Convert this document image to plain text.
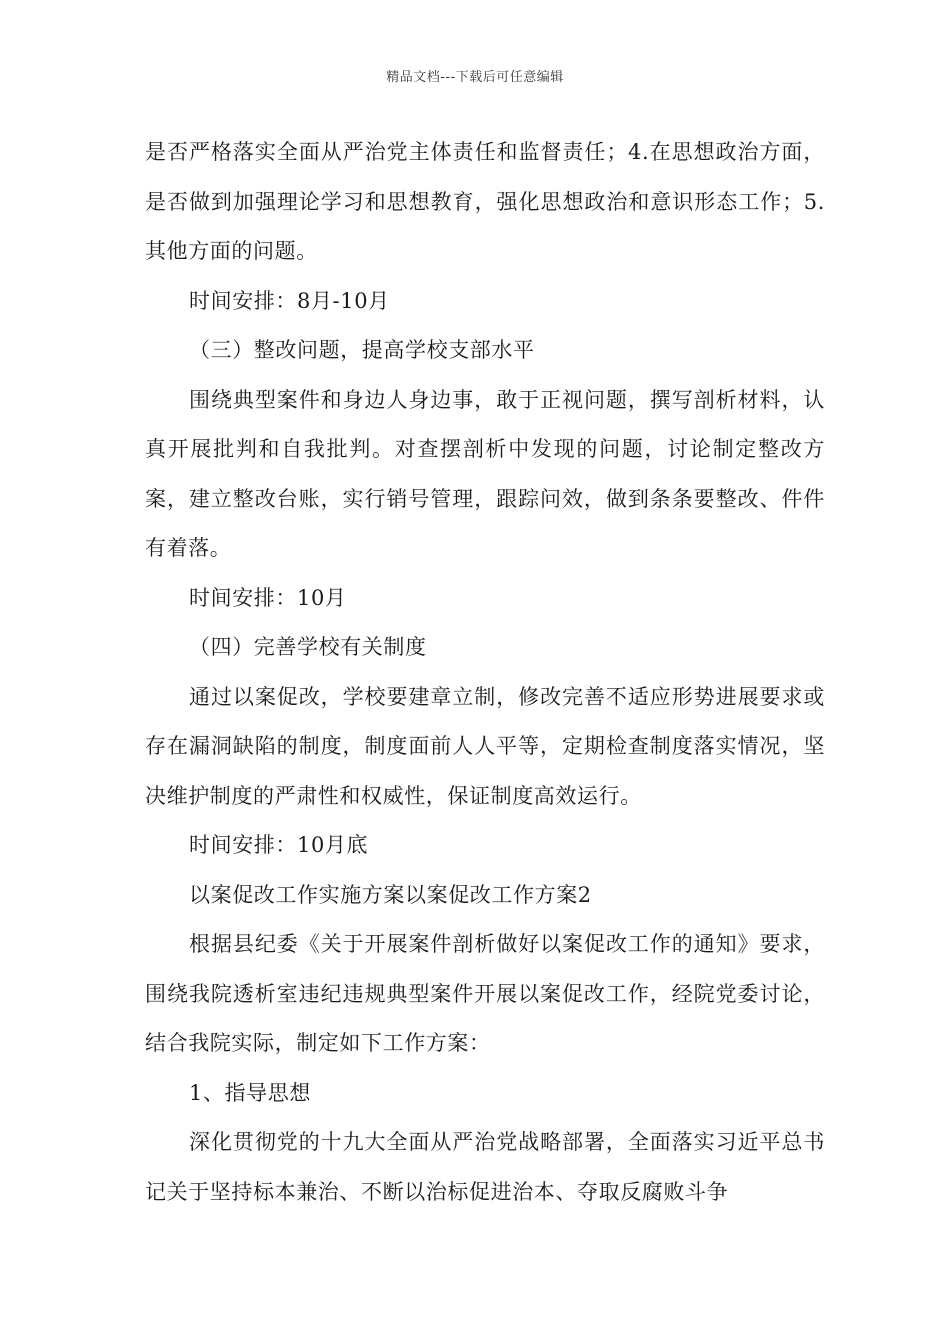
精品文档---下载后可任意编辑

是否严格落实全面从严治党主体责任和监督责任；4.在思想政治方面，是否做到加强理论学习和思想教育，强化思想政治和意识形态工作；5.其他方面的问题。

时间安排：8月-10月

（三）整改问题，提高学校支部水平

围绕典型案件和身边人身边事，敢于正视问题，撰写剖析材料，认真开展批判和自我批判。对查摆剖析中发现的问题，讨论制定整改方案，建立整改台账，实行销号管理，跟踪问效，做到条条要整改、件件有着落。

时间安排：10月

（四）完善学校有关制度

通过以案促改，学校要建章立制，修改完善不适应形势进展要求或存在漏洞缺陷的制度，制度面前人人平等，定期检查制度落实情况，坚决维护制度的严肃性和权威性，保证制度高效运行。

时间安排：10月底

以案促改工作实施方案以案促改工作方案2

根据县纪委《关于开展案件剖析做好以案促改工作的通知》要求，围绕我院透析室违纪违规典型案件开展以案促改工作，经院党委讨论，结合我院实际，制定如下工作方案：

1、指导思想

深化贯彻党的十九大全面从严治党战略部署，全面落实习近平总书记关于坚持标本兼治、不断以治标促进治本、夺取反腐败斗争
